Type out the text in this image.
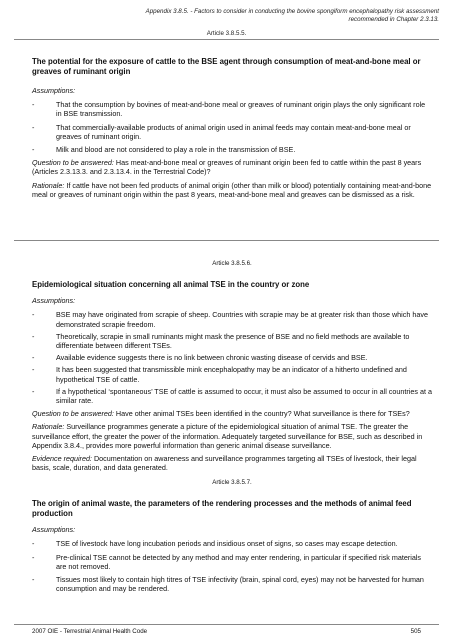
Appendix 3.8.5. - Factors to consider in conducting the bovine spongiform encephalopathy risk assessment
recommended in Chapter 2.3.13.
Article 3.8.5.5.
The potential for the exposure of cattle to the BSE agent through consumption of meat-and-bone meal or greaves of ruminant origin
Assumptions:
-	That the consumption by bovines of meat-and-bone meal or greaves of ruminant origin plays the only significant role in BSE transmission.
-	That commercially-available products of animal origin used in animal feeds may contain meat-and-bone meal or greaves of ruminant origin.
-	Milk and blood are not considered to play a role in the transmission of BSE.
Question to be answered: Has meat-and-bone meal or greaves of ruminant origin been fed to cattle within the past 8 years (Articles 2.3.13.3. and 2.3.13.4. in the Terrestrial Code)?
Rationale: If cattle have not been fed products of animal origin (other than milk or blood) potentially containing meat-and-bone meal or greaves of ruminant origin within the past 8 years, meat-and-bone meal and greaves can be dismissed as a risk.
Article 3.8.5.6.
Epidemiological situation concerning all animal TSE in the country or zone
Assumptions:
-	BSE may have originated from scrapie of sheep. Countries with scrapie may be at greater risk than those which have demonstrated scrapie freedom.
-	Theoretically, scrapie in small ruminants might mask the presence of BSE and no field methods are available to differentiate between different TSEs.
-	Available evidence suggests there is no link between chronic wasting disease of cervids and BSE.
-	It has been suggested that transmissible mink encephalopathy may be an indicator of a hitherto undefined and hypothetical TSE of cattle.
-	If a hypothetical ‘spontaneous’ TSE of cattle is assumed to occur, it must also be assumed to occur in all countries at a similar rate.
Question to be answered: Have other animal TSEs been identified in the country? What surveillance is there for TSEs?
Rationale: Surveillance programmes generate a picture of the epidemiological situation of animal TSE. The greater the surveillance effort, the greater the power of the information. Adequately targeted surveillance for BSE, such as described in Appendix 3.8.4., provides more powerful information than generic animal disease surveillance.
Evidence required: Documentation on awareness and surveillance programmes targeting all TSEs of livestock, their legal basis, scale, duration, and data generated.
Article 3.8.5.7.
The origin of animal waste, the parameters of the rendering processes and the methods of animal feed production
Assumptions:
-	TSE of livestock have long incubation periods and insidious onset of signs, so cases may escape detection.
-	Pre-clinical TSE cannot be detected by any method and may enter rendering, in particular if specified risk materials are not removed.
-	Tissues most likely to contain high titres of TSE infectivity (brain, spinal cord, eyes) may not be harvested for human consumption and may be rendered.
2007 OIE - Terrestrial Animal Health Code	505
